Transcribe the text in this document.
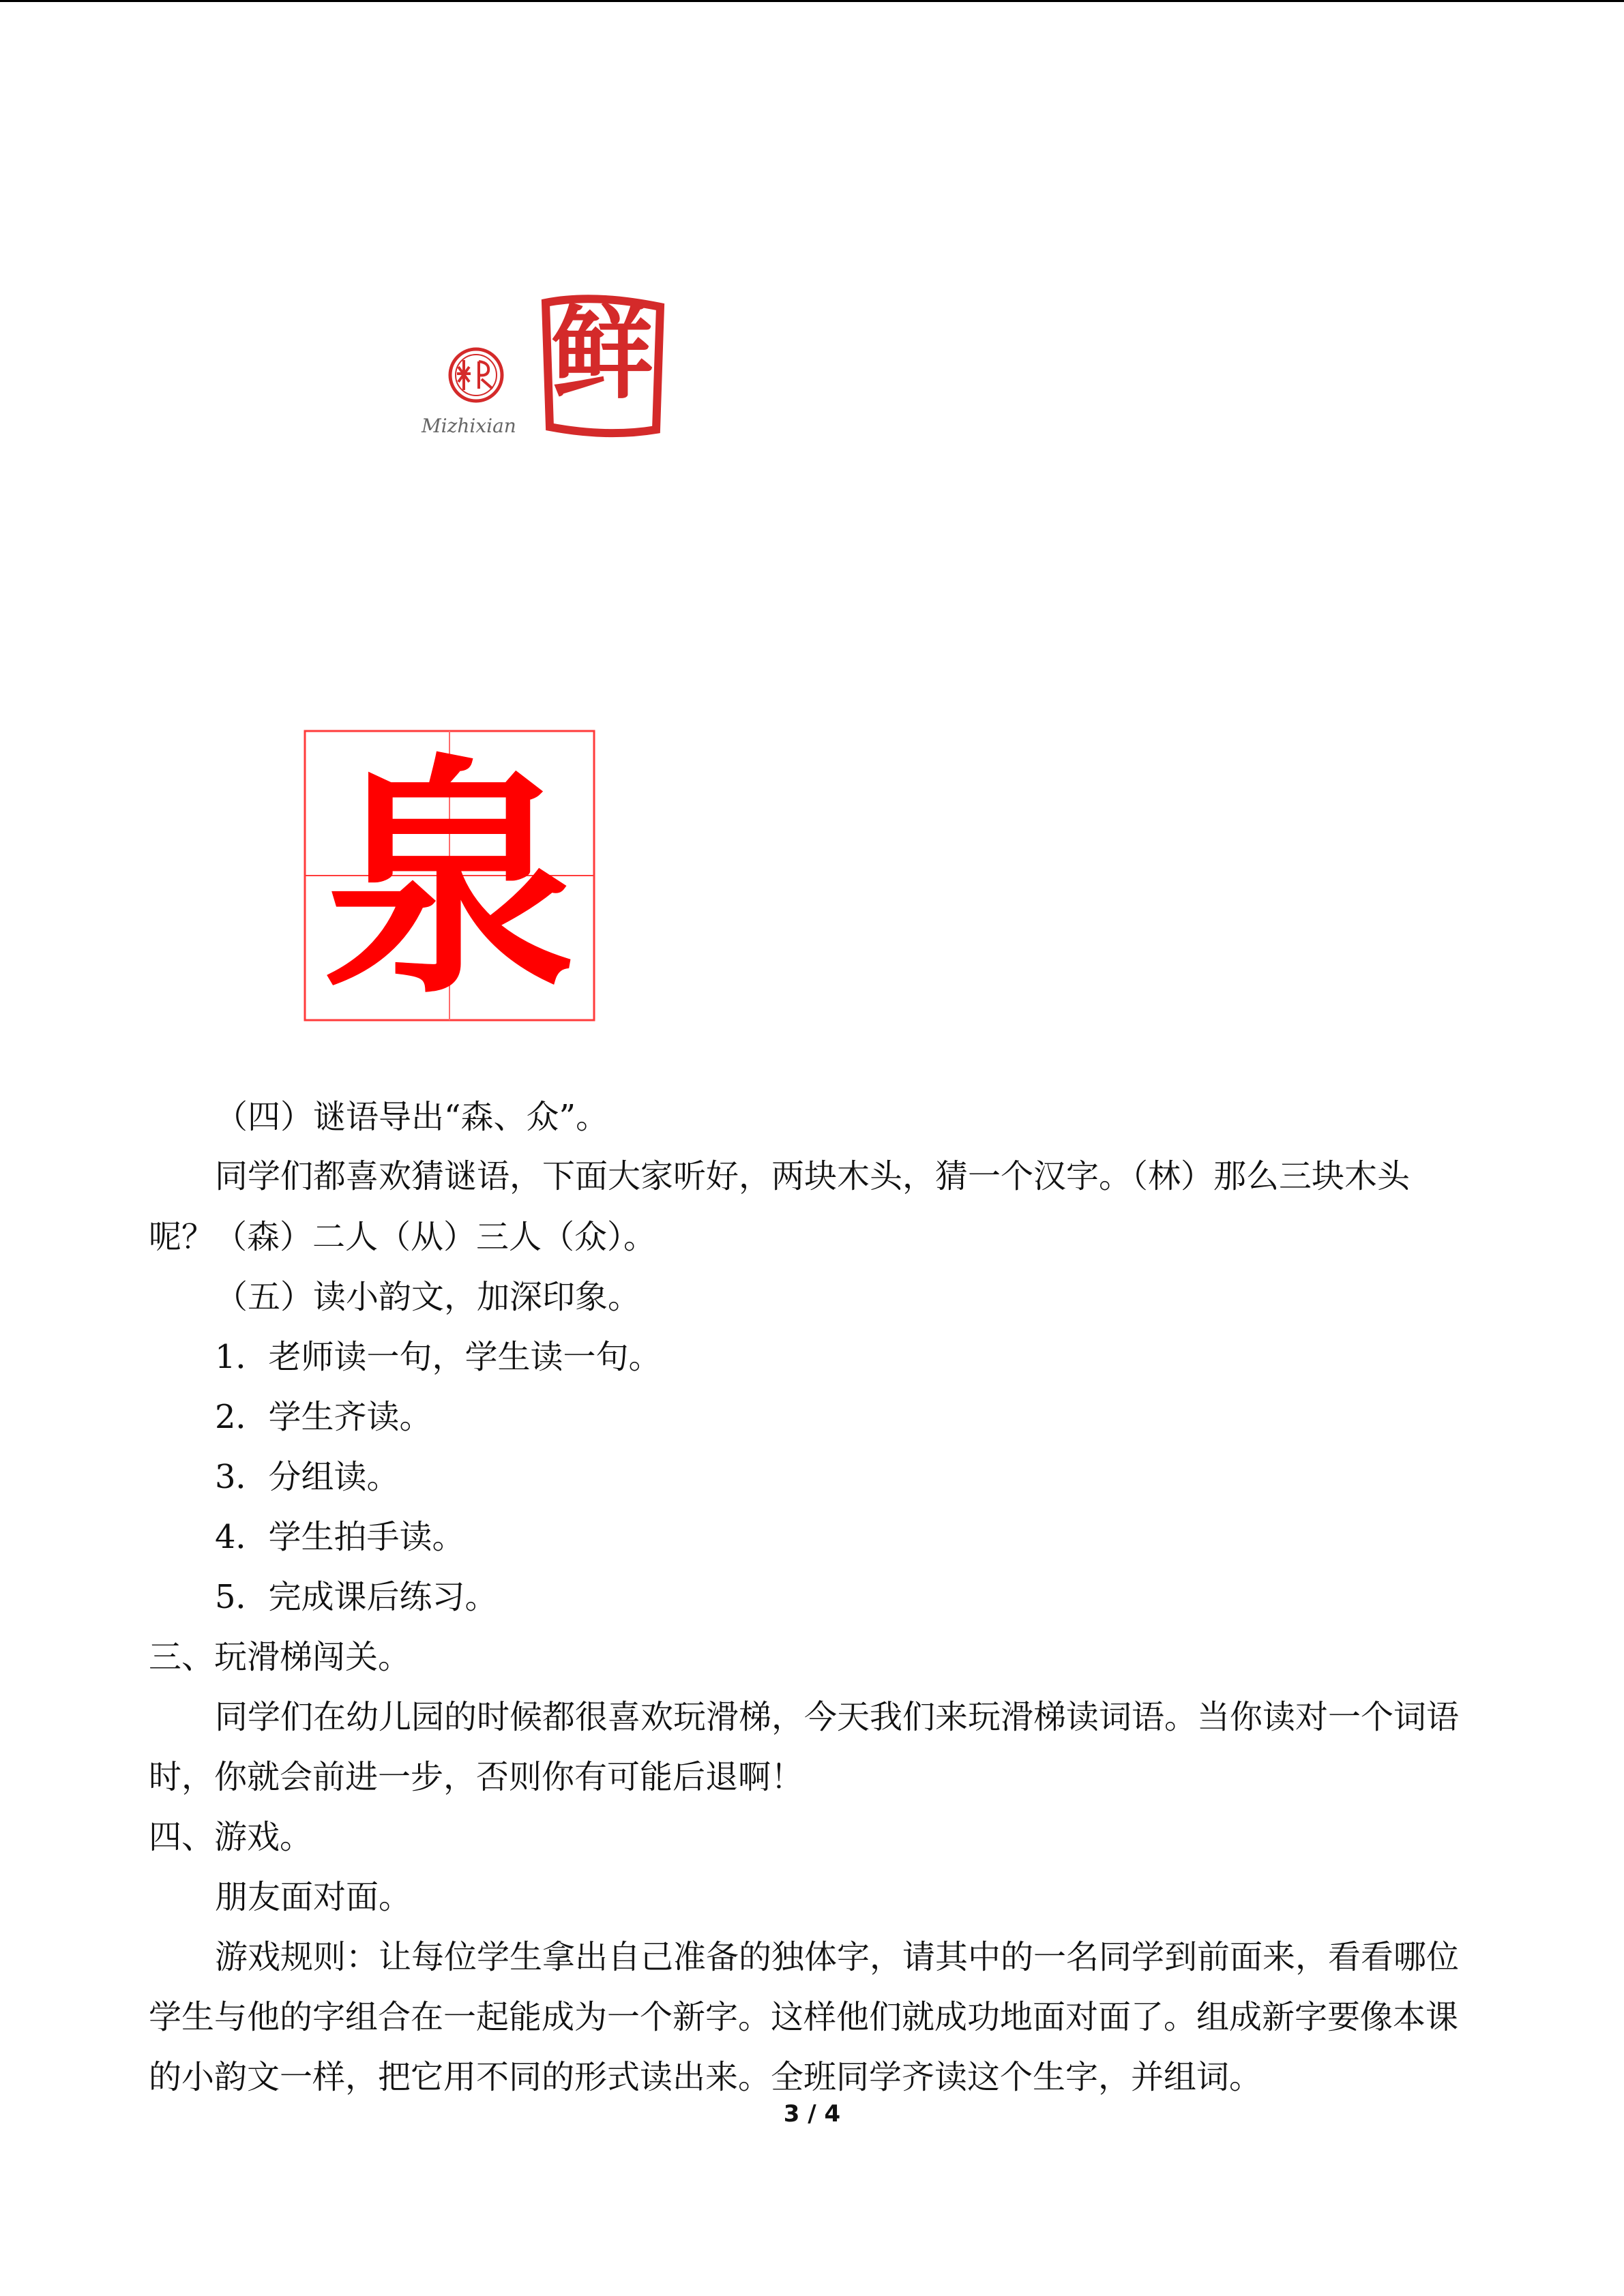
Mizhixian
鲜
泉

（四）谜语导出“森、众”。

同学们都喜欢猜谜语，下面大家听好，两块木头，猜一个汉字。（林）那么三块木头

呢？（森）二人（从）三人（众）。

（五）读小韵文，加深印象。

1．老师读一句，学生读一句。

2．学生齐读。

3．分组读。

4．学生拍手读。

5．完成课后练习。

三、玩滑梯闯关。

同学们在幼儿园的时候都很喜欢玩滑梯，今天我们来玩滑梯读词语。当你读对一个词语

时，你就会前进一步，否则你有可能后退啊！

四、游戏。

朋友面对面。

游戏规则：让每位学生拿出自己准备的独体字，请其中的一名同学到前面来，看看哪位

学生与他的字组合在一起能成为一个新字。这样他们就成功地面对面了。组成新字要像本课

的小韵文一样，把它用不同的形式读出来。全班同学齐读这个生字，并组词。

3 / 4
